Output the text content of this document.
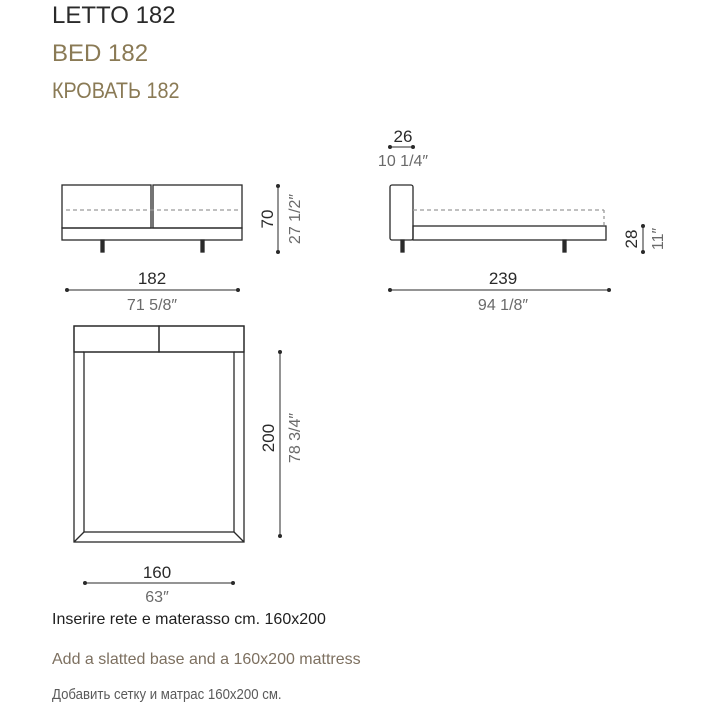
LETTO 182
BED 182
КРОВАТЬ 182
70 27 1/2″
182
71 5/8″
26
10 1/4″
28 11″
239
94 1/8″
200 78 3/4″
160
63″
Inserire rete e materasso cm. 160x200
Add a slatted base and a 160x200 mattress
Добавить сетку и матрас 160x200 см.
